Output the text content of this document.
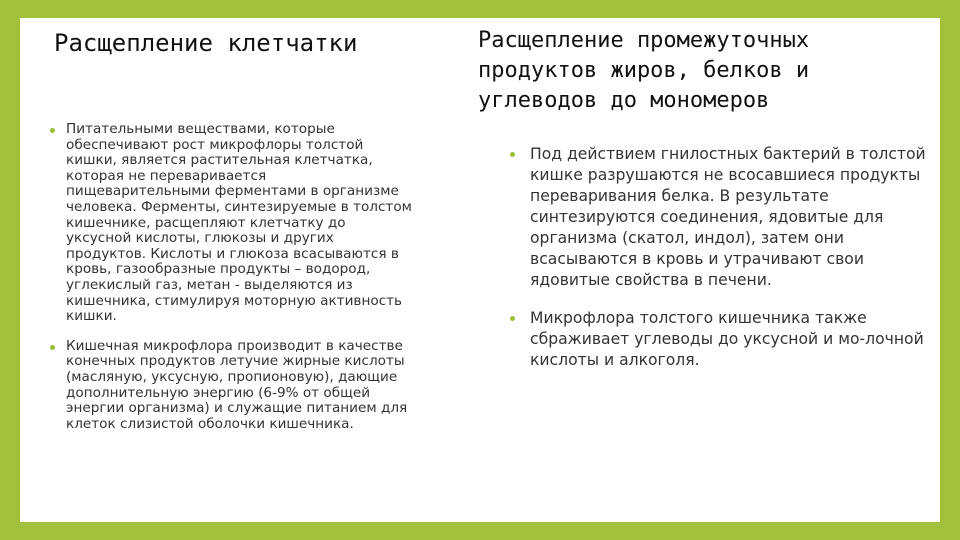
Расщепление клетчатки
Питательными веществами, которые обеспечивают рост микрофлоры толстой кишки, является растительная клетчатка, которая не переваривается пищеварительными ферментами в организме человека. Ферменты, синтезируемые в толстом кишечнике, расщепляют клетчатку до уксусной кислоты, глюкозы и других продуктов. Кислоты и глюкоза всасываются в кровь, газообразные продукты – водород, углекислый газ, метан - выделяются из кишечника, стимулируя моторную активность кишки.
Кишечная микрофлора производит в качестве конечных продуктов летучие жирные кислоты (масляную, уксусную, пропионовую), дающие дополнительную энергию (6-9% от общей энергии организма) и служащие питанием для клеток слизистой оболочки кишечника.
Расщепление промежуточных продуктов жиров, белков и углеводов до мономеров
Под действием гнилостных бактерий в толстой кишке разрушаются не всосавшиеся продукты переваривания белка. В результате синтезируются соединения, ядовитые для организма (скатол, индол), затем они всасываются в кровь и утрачивают свои ядовитые свойства в печени.
Микрофлора толстого кишечника также сбраживает углеводы до уксусной и мо-лочной кислоты и алкоголя.
